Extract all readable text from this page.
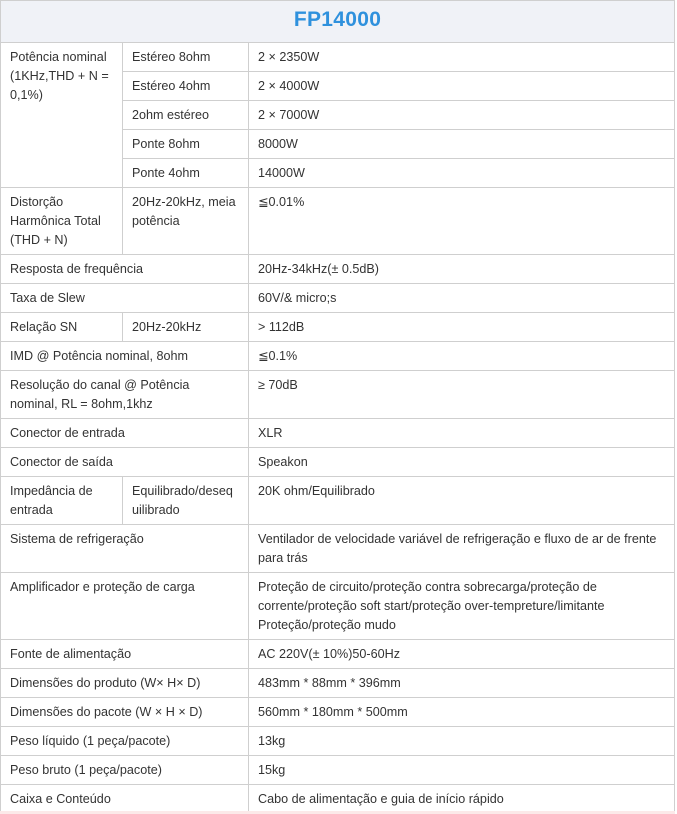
FP14000		
Potência nominal (1KHz,THD + N = 0,1%)	Estéreo 8ohm	2 × 2350W
	Estéreo 4ohm	2 × 4000W
	2ohm estéreo	2 × 7000W
	Ponte 8ohm	8000W
	Ponte 4ohm	14000W
Distorção Harmônica Total (THD + N)	20Hz-20kHz, meia potência	≦0.01%
Resposta de frequência		20Hz-34kHz(± 0.5dB)
Taxa de Slew		60V/& micro;s
Relação SN	20Hz-20kHz	> 112dB
IMD @ Potência nominal, 8ohm		≦0.1%
Resolução do canal @ Potência nominal, RL = 8ohm,1khz		≥ 70dB
Conector de entrada		XLR
Conector de saída		Speakon
Impedância de entrada	Equilibrado/desequilibrado	20K ohm/Equilibrado
Sistema de refrigeração		Ventilador de velocidade variável de refrigeração e fluxo de ar de frente para trás
Amplificador e proteção de carga		Proteção de circuito/proteção contra sobrecarga/proteção de corrente/proteção soft start/proteção over-tempreture/limitante Proteção/proteção mudo
Fonte de alimentação		AC 220V(± 10%)50-60Hz
Dimensões do produto (W× H× D)		483mm * 88mm * 396mm
Dimensões do pacote (W × H × D)		560mm * 180mm * 500mm
Peso líquido (1 peça/pacote)		13kg
Peso bruto (1 peça/pacote)		15kg
Caixa e Conteúdo		Cabo de alimentação e guia de início rápido
